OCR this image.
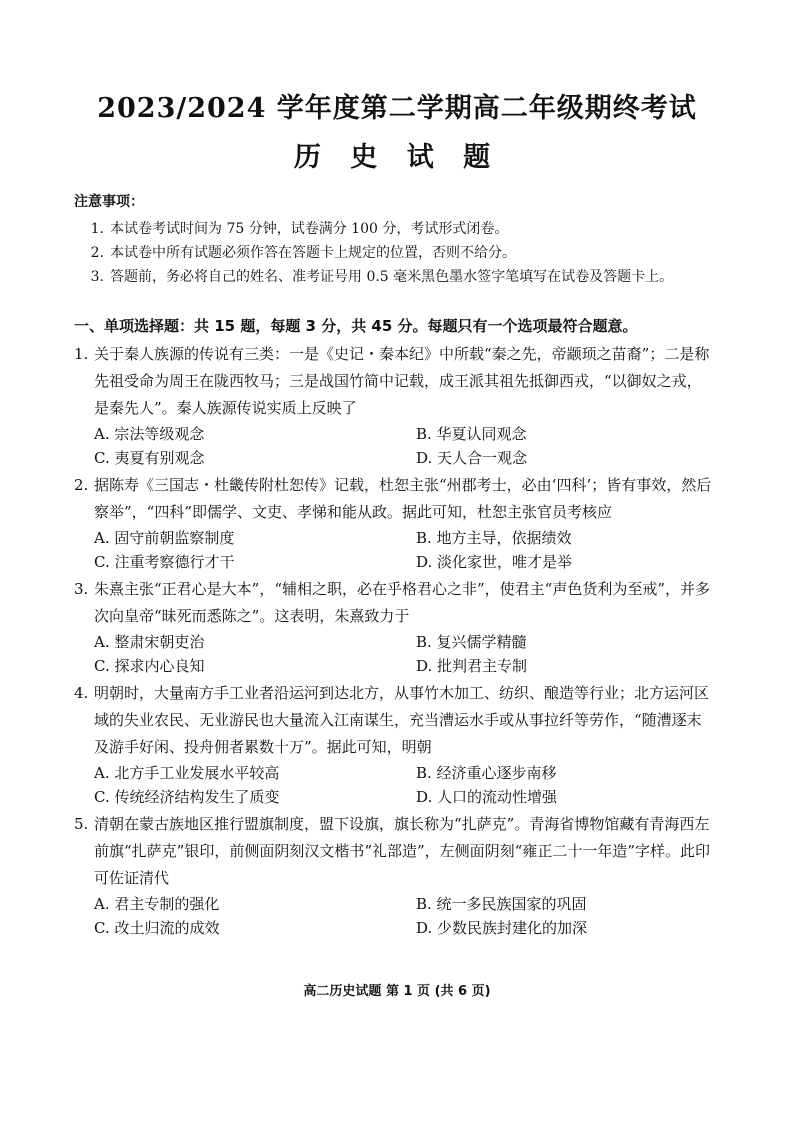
2023/2024 学年度第二学期高二年级期终考试
历 史 试 题
注意事项：
1. 本试卷考试时间为 75 分钟，试卷满分 100 分，考试形式闭卷。
2. 本试卷中所有试题必须作答在答题卡上规定的位置，否则不给分。
3. 答题前，务必将自己的姓名、准考证号用 0.5 毫米黑色墨水签字笔填写在试卷及答题卡上。
一、单项选择题：共 15 题，每题 3 分，共 45 分。每题只有一个选项最符合题意。
1. 关于秦人族源的传说有三类：一是《史记・秦本纪》中所载“秦之先，帝颛顼之苗裔”；二是称先祖受命为周王在陇西牧马；三是战国竹简中记载，成王派其祖先抵御西戎，“以御奴之戎，是秦先人”。秦人族源传说实质上反映了
A. 宗法等级观念	B. 华夏认同观念
C. 夷夏有别观念	D. 天人合一观念
2. 据陈寿《三国志・杜畿传附杜恕传》记载，杜恕主张“州郡考士，必由‘四科’；皆有事效，然后察举”，“四科”即儒学、文吏、孝悌和能从政。据此可知，杜恕主张官员考核应
A. 固守前朝监察制度	B. 地方主导，依据绩效
C. 注重考察德行才干	D. 淡化家世，唯才是举
3. 朱熹主张“正君心是大本”，“辅相之职，必在乎格君心之非”，使君主“声色货利为至戒”，并多次向皇帝“昧死而悉陈之”。这表明，朱熹致力于
A. 整肃宋朝吏治	B. 复兴儒学精髓
C. 探求内心良知	D. 批判君主专制
4. 明朝时，大量南方手工业者沿运河到达北方，从事竹木加工、纺织、酿造等行业；北方运河区域的失业农民、无业游民也大量流入江南谋生，充当漕运水手或从事拉纤等劳作，“随漕逐末及游手好闲、投舟佣者累数十万”。据此可知，明朝
A. 北方手工业发展水平较高	B. 经济重心逐步南移
C. 传统经济结构发生了质变	D. 人口的流动性增强
5. 清朝在蒙古族地区推行盟旗制度，盟下设旗，旗长称为“扎萨克”。青海省博物馆藏有青海西左前旗“扎萨克”银印，前侧面阴刻汉文楷书“礼部造”，左侧面阴刻“雍正二十一年造”字样。此印可佐证清代
A. 君主专制的强化	B. 统一多民族国家的巩固
C. 改土归流的成效	D. 少数民族封建化的加深
高二历史试题 第 1 页 (共 6 页)
